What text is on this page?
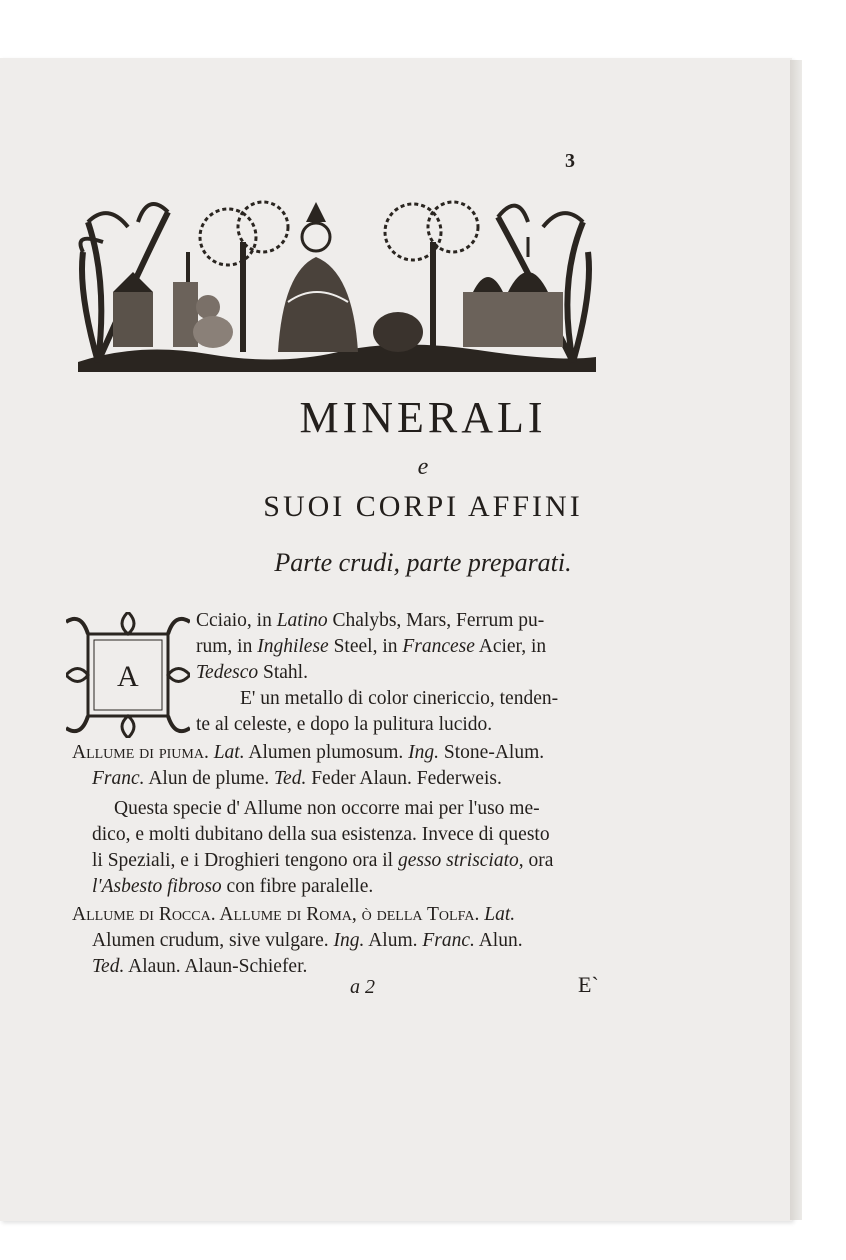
3
MINERALI
e
SUOI CORPI AFFINI
Parte crudi, parte preparati.
A
Cciaio, in Latino Chalybs, Mars, Ferrum pu-
rum, in Inghilese Steel, in Francese Acier, in
Tedesco Stahl.
E' un metallo di color cinericcio, tenden-
te al celeste, e dopo la pulitura lucido.
Allume di piuma. Lat. Alumen plumosum. Ing. Stone-Alum.
Franc. Alun de plume. Ted. Feder Alaun. Federweis.
Questa specie d' Allume non occorre mai per l'uso me-
dico, e molti dubitano della sua esistenza. Invece di questo
li Speziali, e i Droghieri tengono ora il gesso strisciato, ora
l'Asbesto fibroso con fibre paralelle.
Allume di Rocca. Allume di Roma, ò della Tolfa. Lat.
Alumen crudum, sive vulgare. Ing. Alum. Franc. Alun.
Ted. Alaun. Alaun-Schiefer.
a 2	E`
